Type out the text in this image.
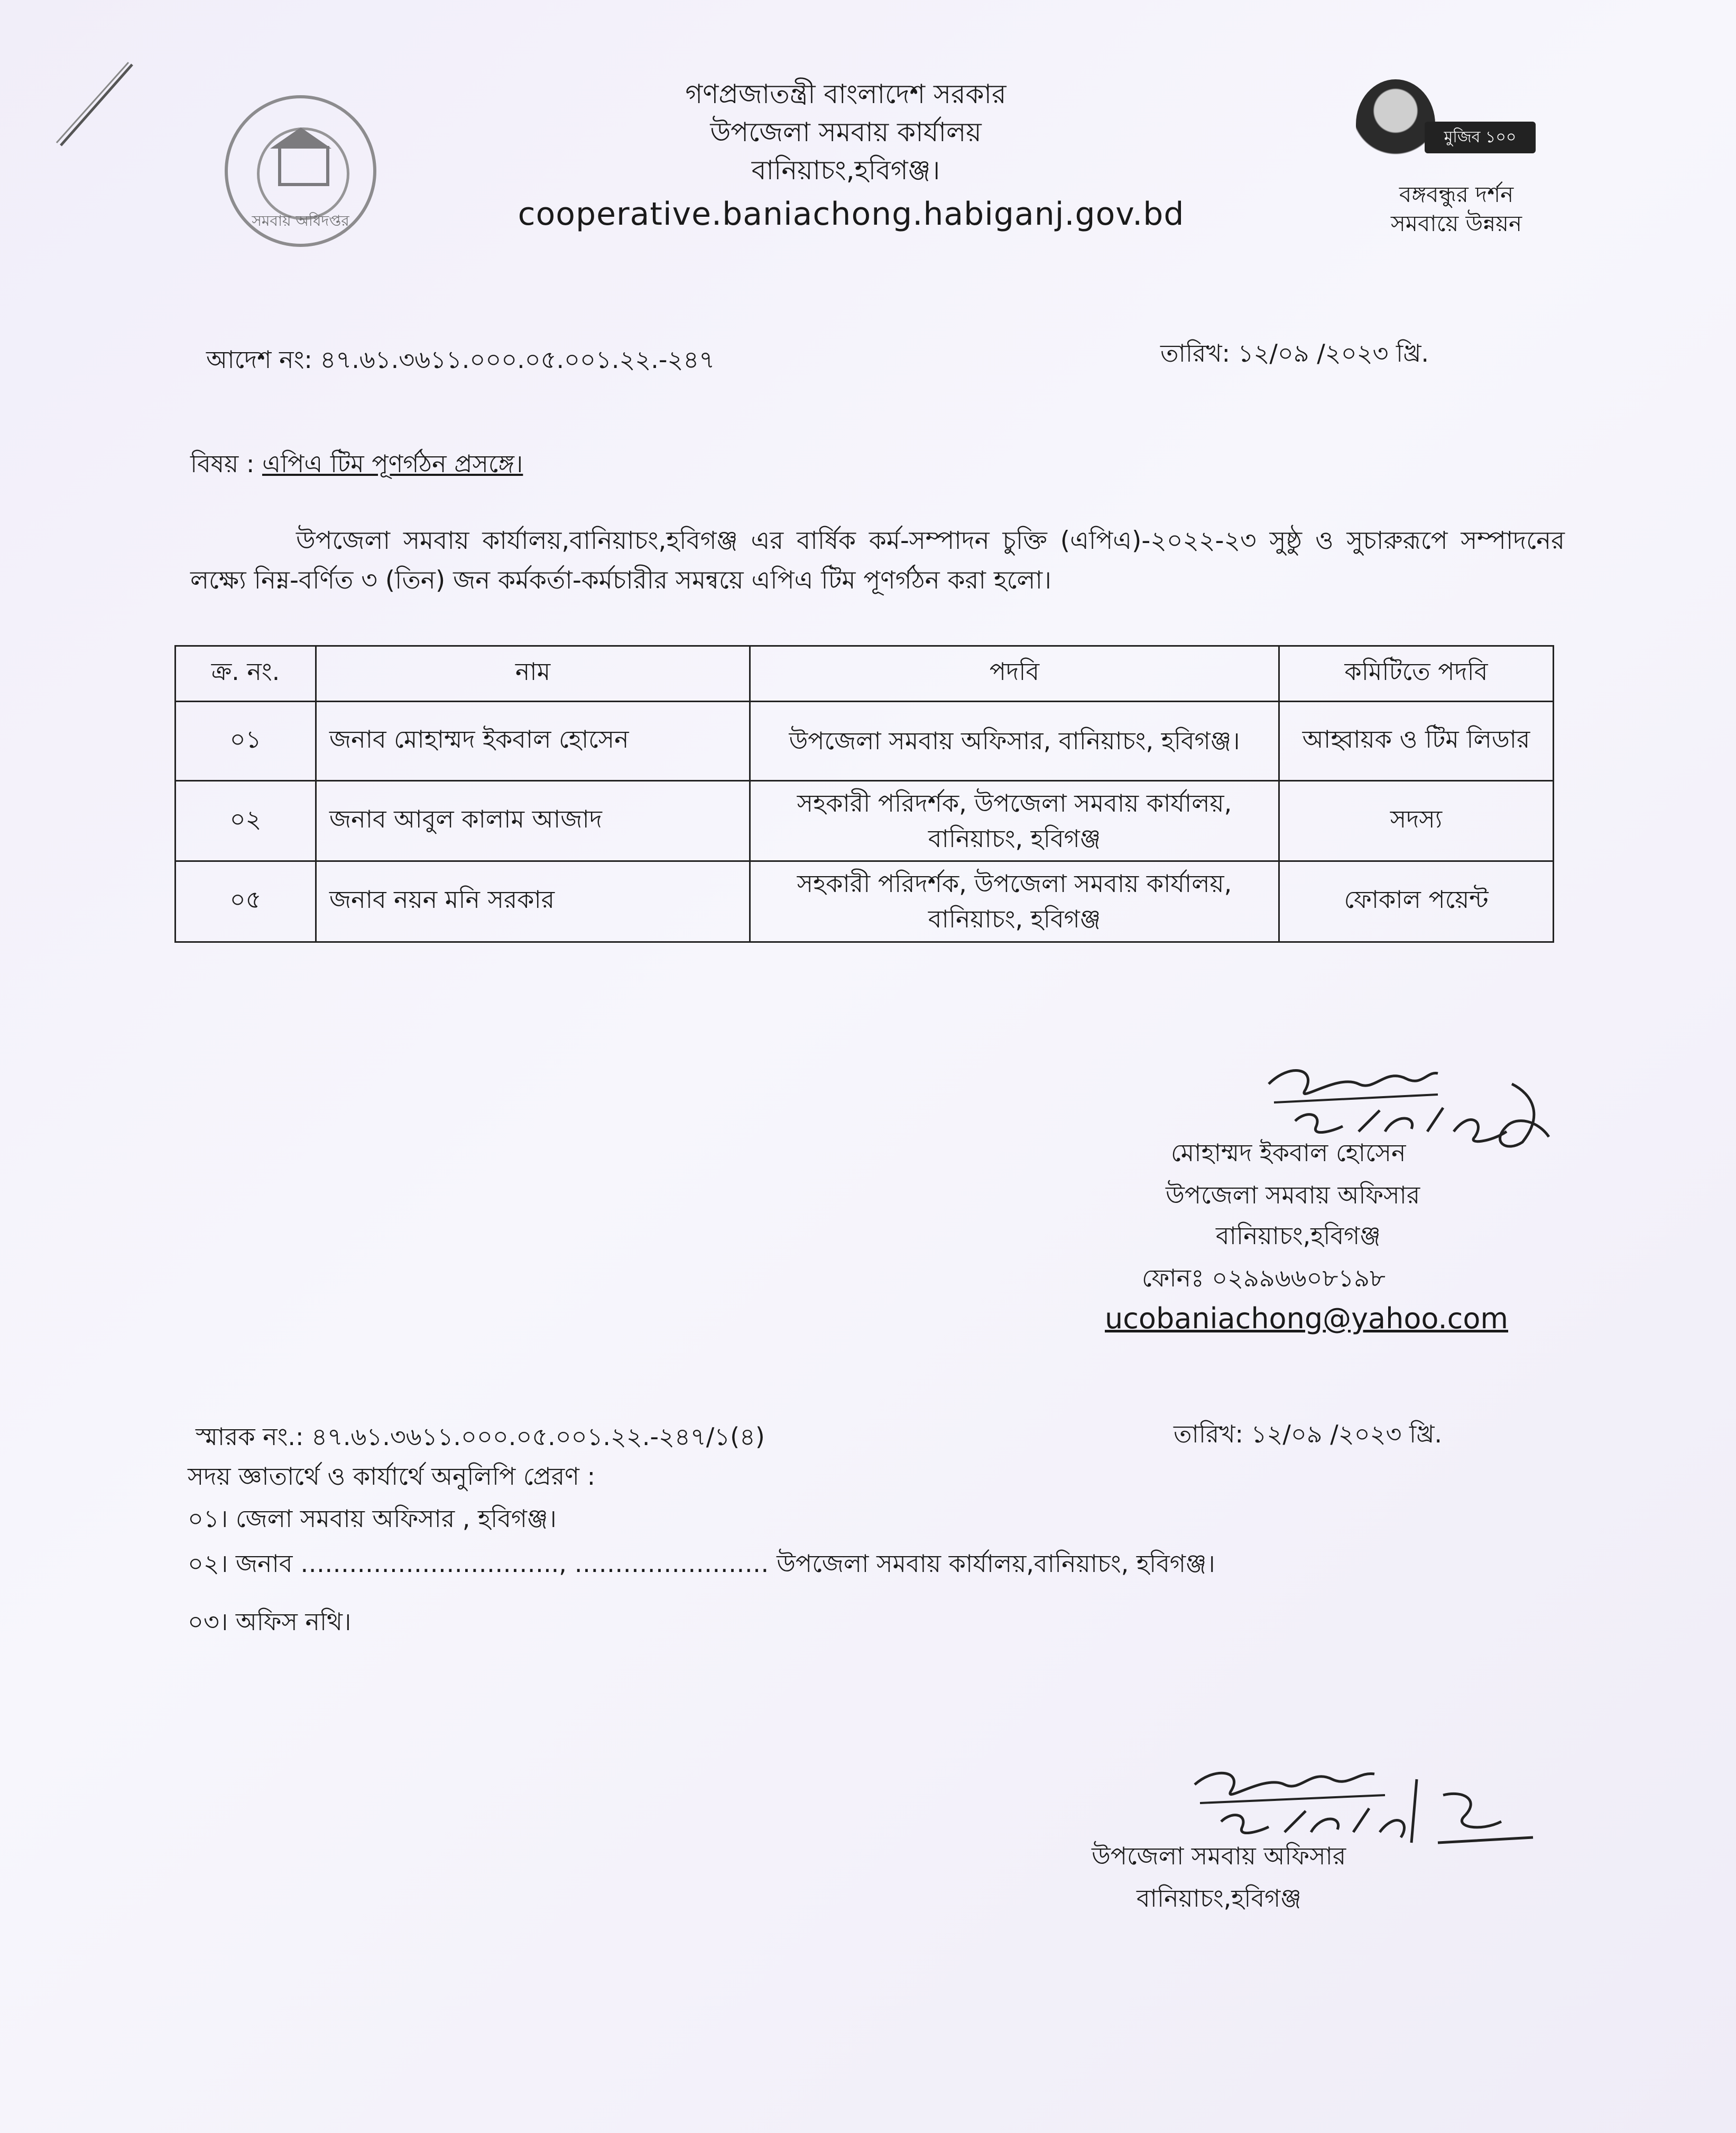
সমবায় অধিদপ্তর
গণপ্রজাতন্ত্রী বাংলাদেশ সরকার
উপজেলা সমবায় কার্যালয়
বানিয়াচং,হবিগঞ্জ।
cooperative.baniachong.habiganj.gov.bd
মুজিব ১০০
বঙ্গবন্ধুর দর্শন
সমবায়ে উন্নয়ন
আদেশ নং: ৪৭.৬১.৩৬১১.০০০.০৫.০০১.২২.-২৪৭	তারিখ: ১২/০৯ /২০২৩ খ্রি.
বিষয় : এপিএ টিম পূণর্গঠন প্রসঙ্গে।
উপজেলা সমবায় কার্যালয়,বানিয়াচং,হবিগঞ্জ এর বার্ষিক কর্ম-সম্পাদন চুক্তি (এপিএ)-২০২২-২৩ সুষ্ঠু ও সুচারুরূপে সম্পাদনের লক্ষ্যে নিম্ন-বর্ণিত ৩ (তিন) জন কর্মকর্তা-কর্মচারীর সমন্বয়ে এপিএ টিম পূণর্গঠন করা হলো।
ক্র. নং.	নাম	পদবি	কমিটিতে পদবি
০১	জনাব মোহাম্মদ ইকবাল হোসেন	উপজেলা সমবায় অফিসার, বানিয়াচং, হবিগঞ্জ।	আহ্বায়ক ও টিম লিডার
০২	জনাব আবুল কালাম আজাদ	সহকারী পরিদর্শক, উপজেলা সমবায় কার্যালয়, বানিয়াচং, হবিগঞ্জ	সদস্য
০৫	জনাব নয়ন মনি সরকার	সহকারী পরিদর্শক, উপজেলা সমবায় কার্যালয়, বানিয়াচং, হবিগঞ্জ	ফোকাল পয়েন্ট
মোহাম্মদ ইকবাল হোসেন
উপজেলা সমবায় অফিসার
বানিয়াচং,হবিগঞ্জ
ফোনঃ ০২৯৯৬৬০৮১৯৮
ucobaniachong@yahoo.com
স্মারক নং.: ৪৭.৬১.৩৬১১.০০০.০৫.০০১.২২.-২৪৭/১(৪)	তারিখ: ১২/০৯ /২০২৩ খ্রি.
সদয় জ্ঞাতার্থে ও কার্যার্থে অনুলিপি প্রেরণ :
০১। জেলা সমবায় অফিসার , হবিগঞ্জ।
০২। জনাব ………………………….., …………………… উপজেলা সমবায় কার্যালয়,বানিয়াচং, হবিগঞ্জ।
০৩। অফিস নথি।
উপজেলা সমবায় অফিসার
বানিয়াচং,হবিগঞ্জ
